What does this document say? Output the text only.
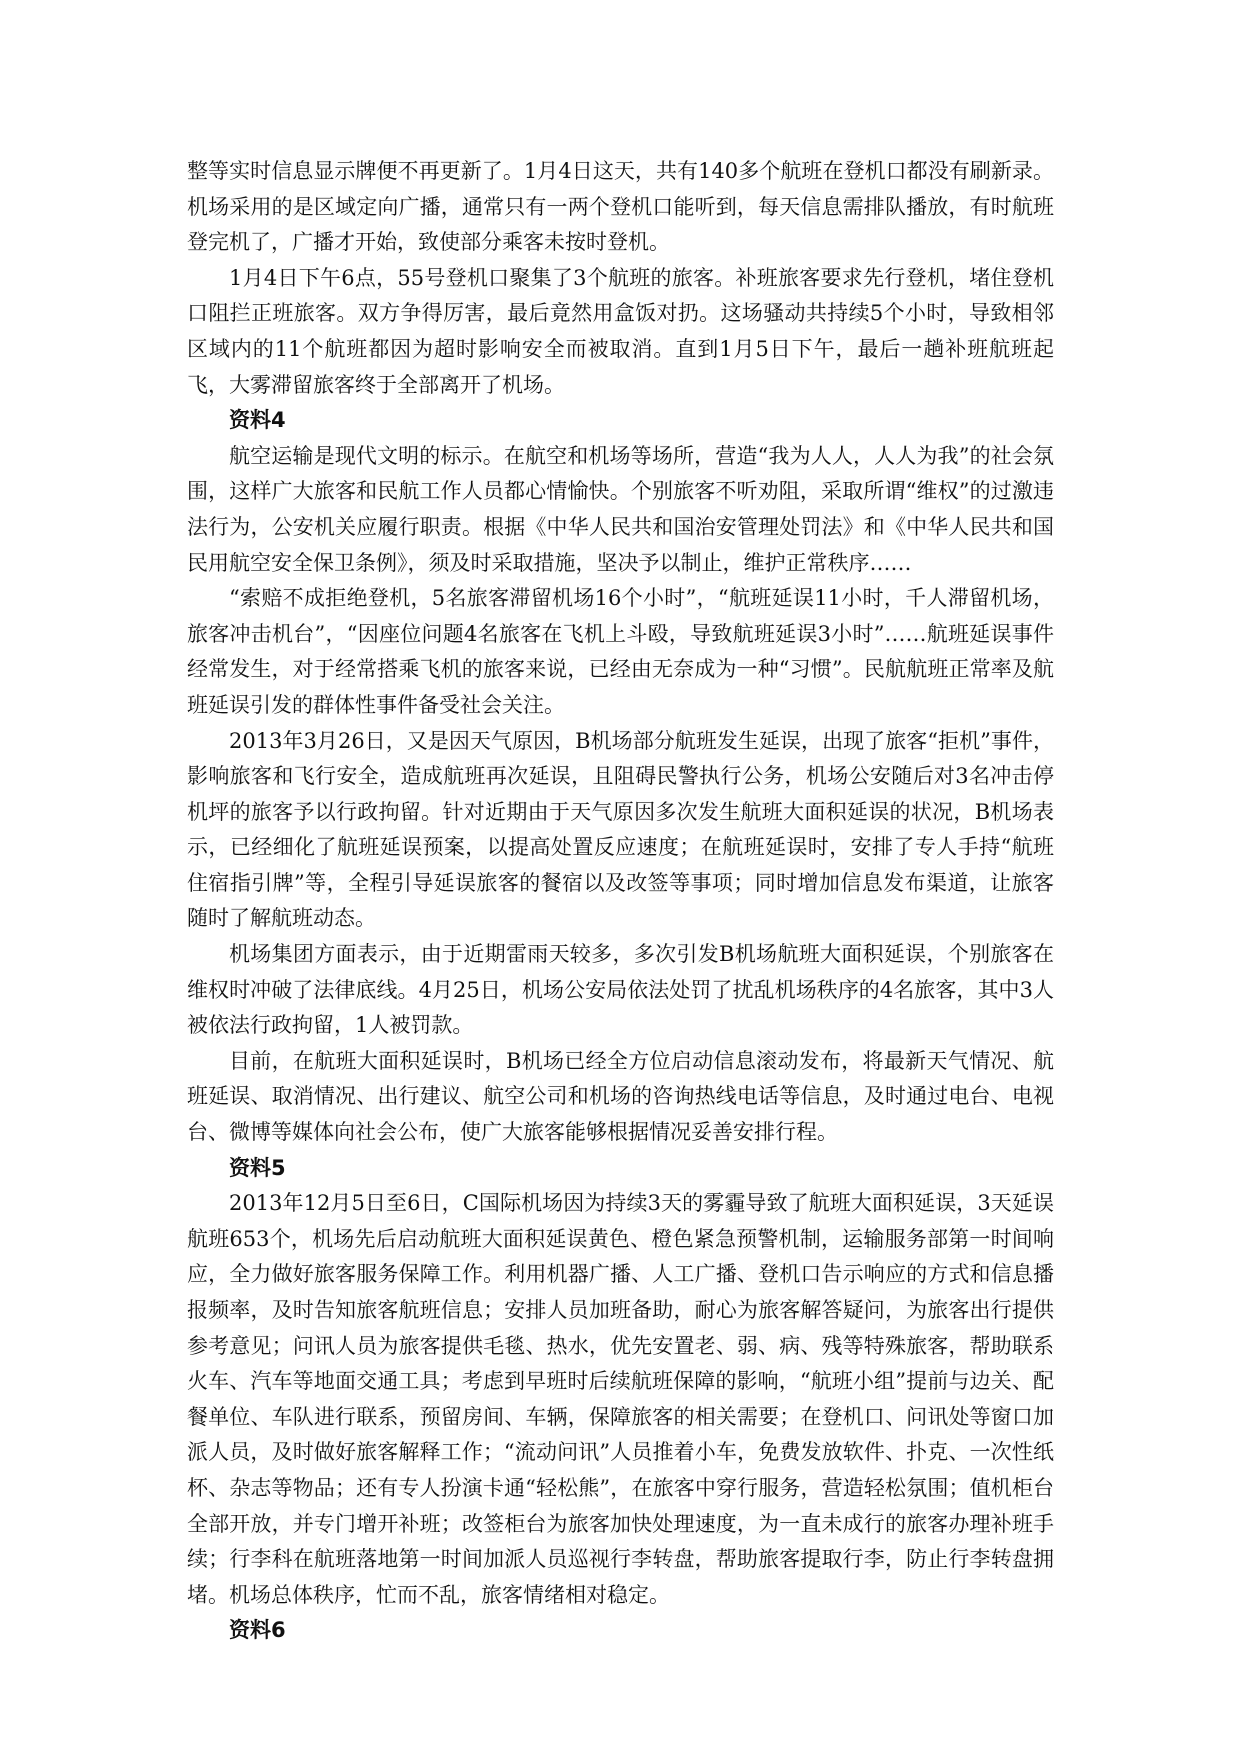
整等实时信息显示牌便不再更新了。1月4日这天，共有140多个航班在登机口都没有刷新录。机场采用的是区域定向广播，通常只有一两个登机口能听到，每天信息需排队播放，有时航班登完机了，广播才开始，致使部分乘客未按时登机。

1月4日下午6点，55号登机口聚集了3个航班的旅客。补班旅客要求先行登机，堵住登机口阻拦正班旅客。双方争得厉害，最后竟然用盒饭对扔。这场骚动共持续5个小时，导致相邻区域内的11个航班都因为超时影响安全而被取消。直到1月5日下午，最后一趟补班航班起飞，大雾滞留旅客终于全部离开了机场。

资料4

航空运输是现代文明的标示。在航空和机场等场所，营造“我为人人，人人为我”的社会氛围，这样广大旅客和民航工作人员都心情愉快。个别旅客不听劝阻，采取所谓“维权”的过激违法行为，公安机关应履行职责。根据《中华人民共和国治安管理处罚法》和《中华人民共和国民用航空安全保卫条例》，须及时采取措施，坚决予以制止，维护正常秩序……

“索赔不成拒绝登机，5名旅客滞留机场16个小时”，“航班延误11小时，千人滞留机场，旅客冲击机台”，“因座位问题4名旅客在飞机上斗殴，导致航班延误3小时”……航班延误事件经常发生，对于经常搭乘飞机的旅客来说，已经由无奈成为一种“习惯”。民航航班正常率及航班延误引发的群体性事件备受社会关注。

2013年3月26日，又是因天气原因，B机场部分航班发生延误，出现了旅客“拒机”事件，影响旅客和飞行安全，造成航班再次延误，且阻碍民警执行公务，机场公安随后对3名冲击停机坪的旅客予以行政拘留。针对近期由于天气原因多次发生航班大面积延误的状况，B机场表示，已经细化了航班延误预案，以提高处置反应速度；在航班延误时，安排了专人手持“航班住宿指引牌”等，全程引导延误旅客的餐宿以及改签等事项；同时增加信息发布渠道，让旅客随时了解航班动态。

机场集团方面表示，由于近期雷雨天较多，多次引发B机场航班大面积延误，个别旅客在维权时冲破了法律底线。4月25日，机场公安局依法处罚了扰乱机场秩序的4名旅客，其中3人被依法行政拘留，1人被罚款。

目前，在航班大面积延误时，B机场已经全方位启动信息滚动发布，将最新天气情况、航班延误、取消情况、出行建议、航空公司和机场的咨询热线电话等信息，及时通过电台、电视台、微博等媒体向社会公布，使广大旅客能够根据情况妥善安排行程。

资料5

2013年12月5日至6日，C国际机场因为持续3天的雾霾导致了航班大面积延误，3天延误航班653个，机场先后启动航班大面积延误黄色、橙色紧急预警机制，运输服务部第一时间响应，全力做好旅客服务保障工作。利用机器广播、人工广播、登机口告示响应的方式和信息播报频率，及时告知旅客航班信息；安排人员加班备助，耐心为旅客解答疑问，为旅客出行提供参考意见；问讯人员为旅客提供毛毯、热水，优先安置老、弱、病、残等特殊旅客，帮助联系火车、汽车等地面交通工具；考虑到早班时后续航班保障的影响，“航班小组”提前与边关、配餐单位、车队进行联系，预留房间、车辆，保障旅客的相关需要；在登机口、问讯处等窗口加派人员，及时做好旅客解释工作；“流动问讯”人员推着小车，免费发放软件、扑克、一次性纸杯、杂志等物品；还有专人扮演卡通“轻松熊”，在旅客中穿行服务，营造轻松氛围；值机柜台全部开放，并专门增开补班；改签柜台为旅客加快处理速度，为一直未成行的旅客办理补班手续；行李科在航班落地第一时间加派人员巡视行李转盘，帮助旅客提取行李，防止行李转盘拥堵。机场总体秩序，忙而不乱，旅客情绪相对稳定。

资料6
